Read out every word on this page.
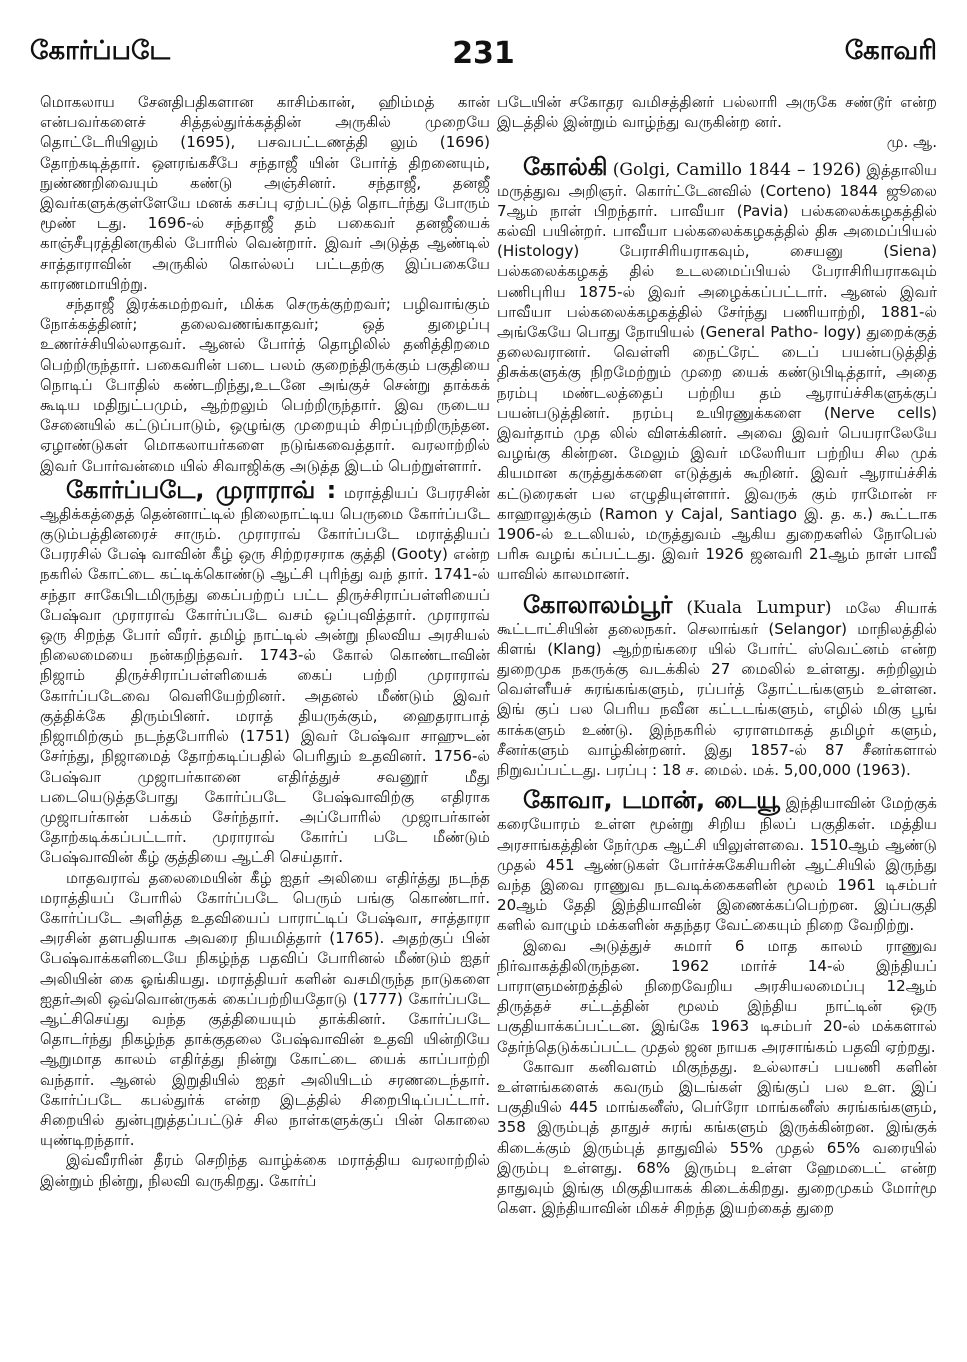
கோர்ப்படே	231	கோவரி

மொகலாய சேனதிபதிகளான காசிம்கான், ஹிம்மத் கான் என்பவர்களைச் சித்தல்துர்க்கத்தின் அருகில் முறையே தொட்டேரியிலும் (1695), பசவபட்டணத்தி லும் (1696) தோற்கடித்தார். ஔரங்கசீபே சந்தாஜீ யின் போர்த் திறனையும், நுண்ணறிவையும் கண்டு அஞ்சினர். சந்தாஜீ, தனஜீ இவர்களுக்குள்ளேயே மனக் கசப்பு ஏற்பட்டுத் தொடர்ந்து போரும் மூண் டது. 1696-ல் சந்தாஜீ தம் பகைவர் தனஜீயைக் காஞ்சீபுரத்தினருகில் போரில் வென்றார். இவர் அடுத்த ஆண்டில் சாத்தாராவின் அருகில் கொல்லப் பட்டதற்கு இப்பகையே காரணமாயிற்று.

சந்தாஜீ இரக்கமற்றவர், மிக்க செருக்குற்றவர்; பழிவாங்கும் நோக்கத்தினர்; தலைவணங்காதவர்; ஒத் துழைப்பு உணர்ச்சியில்லாதவர். ஆனல் போர்த் தொழிலில் தனித்திறமை பெற்றிருந்தார். பகைவரின் படை பலம் குறைந்திருக்கும் பகுதியை நொடிப் போதில் கண்டறிந்து,உடனே அங்குச் சென்று தாக்கக் கூடிய மதிநுட்பமும், ஆற்றலும் பெற்றிருந்தார். இவ ருடைய சேனையில் கட்டுப்பாடும், ஒழுங்கு முறையும் சிறப்புற்றிருந்தன. ஏழாண்டுகள் மொகலாயர்களை நடுங்கவைத்தார். வரலாற்றில் இவர் போர்வன்மை யில் சிவாஜிக்கு அடுத்த இடம் பெற்றுள்ளார்.

கோர்ப்படே, முராராவ் : மராத்தியப் பேரரசின் ஆதிக்கத்தைத் தென்னாட்டில் நிலைநாட்டிய பெருமை கோர்ப்படே குடும்பத்தினரைச் சாரும். முராராவ் கோர்ப்படே மராத்தியப் பேரரசில் பேஷ் வாவின் கீழ் ஒரு சிற்றரசராக குத்தி (Gooty) என்ற நகரில் கோட்டை கட்டிக்கொண்டு ஆட்சி புரிந்து வந் தார். 1741-ல் சந்தா சாகேபிடமிருந்து கைப்பற்றப் பட்ட திருச்சிராப்பள்ளியைப் பேஷ்வா முராராவ் கோர்ப்படே வசம் ஒப்புவித்தார். முராராவ் ஒரு சிறந்த போர் வீரர். தமிழ் நாட்டில் அன்று நிலவிய அரசியல் நிலைமையை நன்கறிந்தவர். 1743-ல் கோல் கொண்டாவின் நிஜாம் திருச்சிராப்பள்ளியைக் கைப் பற்றி முராராவ் கோர்ப்படேவை வெளியேற்றினர். அதனல் மீண்டும் இவர் குத்திக்கே திரும்பினர். மராத் தியருக்கும், ஹைதராபாத் நிஜாமிற்கும் நடந்தபோரில் (1751) இவர் பேஷ்வா சாஹுடன் சேர்ந்து, நிஜாமைத் தோற்கடிப்பதில் பெரிதும் உதவினர். 1756-ல் பேஷ்வா முஜாபர்கானை எதிர்த்துச் சவனூர் மீது படையெடுத்தபோது கோர்ப்படே பேஷ்வாவிற்கு எதிராக முஜாபர்கான் பக்கம் சேர்ந்தார். அப்போரில் முஜாபர்கான் தோற்கடிக்கப்பட்டார். முராராவ் கோர்ப் படே மீண்டும் பேஷ்வாவின் கீழ் குத்தியை ஆட்சி செய்தார்.

மாதவராவ் தலைமையின் கீழ் ஐதர் அலியை எதிர்த்து நடந்த மராத்தியப் போரில் கோர்ப்படே பெரும் பங்கு கொண்டார். கோர்ப்படே அளித்த உதவியைப் பாராட்டிப் பேஷ்வா, சாத்தாரா அரசின் தளபதியாக அவரை நியமித்தார் (1765). அதற்குப் பின் பேஷ்வாக்களிடையே நிகழ்ந்த பதவிப் போரினல் மீண்டும் ஐதர் அலியின் கை ஓங்கியது. மராத்தியர் களின் வசமிருந்த நாடுகளை ஐதர்அலி ஒவ்வொன்ருகக் கைப்பற்றியதோடு (1777) கோர்ப்படே ஆட்சிசெய்து வந்த குத்தியையும் தாக்கினர். கோர்ப்படே தொடர்ந்து நிகழ்ந்த தாக்குதலை பேஷ்வாவின் உதவி யின்றியே ஆறுமாத காலம் எதிர்த்து நின்று கோட்டை யைக் காப்பாற்றி வந்தார். ஆனல் இறுதியில் ஐதர் அலியிடம் சரணடைந்தார். கோர்ப்படே கபல்துர்க் என்ற இடத்தில் சிறைபிடிப்பட்டார். சிறையில் துன்புறுத்தப்பட்டுச் சில நாள்களுக்குப் பின் கொலை யுண்டிறந்தார்.

இவ்வீரரின் தீரம் செறிந்த வாழ்க்கை மராத்திய வரலாற்றில் இன்றும் நின்று, நிலவி வருகிறது. கோர்ப்

படேயின் சகோதர வமிசத்தினர் பல்லாரி அருகே சண்டூர் என்ற இடத்தில் இன்றும் வாழ்ந்து வருகின்ற னர்.
மு. ஆ.

கோல்கி (Golgi, Camillo 1844 – 1926) இத்தாலிய மருத்துவ அறிஞர். கொர்ட்டேனவில் (Corteno) 1844 ஜூலை 7ஆம் நாள் பிறந்தார். பாவீயா (Pavia) பல்கலைக்கழகத்தில் கல்வி பயின்றர். பாவீயா பல்கலைக்கழகத்தில் திசு அமைப்பியல் (Histology) பேராசிரியராகவும், சையனு (Siena) பல்கலைக்கழகத் தில் உடலமைப்பியல் பேராசிரியராகவும் பணிபுரிய 1875-ல் இவர் அழைக்கப்பட்டார். ஆனல் இவர் பாவீயா பல்கலைக்கழகத்தில் சேர்ந்து பணியாற்றி, 1881-ல் அங்கேயே பொது நோயியல் (General Patho- logy) துறைக்குத் தலைவரானர். வெள்ளி நைட்ரேட் டைப் பயன்படுத்தித் திசுக்களுக்கு நிறமேற்றும் முறை யைக் கண்டுபிடித்தார், அதை நரம்பு மண்டலத்தைப் பற்றிய தம் ஆராய்ச்சிகளுக்குப் பயன்படுத்தினர். நரம்பு உயிரணுக்களை (Nerve cells) இவர்தாம் முத லில் விளக்கினர். அவை இவர் பெயராலேயே வழங்கு கின்றன. மேலும் இவர் மலேரியா பற்றிய சில முக் கியமான கருத்துக்களை எடுத்துக் கூறினர். இவர் ஆராய்ச்சிக் கட்டுரைகள் பல எழுதியுள்ளார். இவருக் கும் ராமோன் ஈ காஹாலுக்கும் (Ramon y Cajal, Santiago இ. த. க.) கூட்டாக 1906-ல் உடலியல், மருத்துவம் ஆகிய துறைகளில் நோபெல் பரிசு வழங் கப்பட்டது. இவர் 1926 ஜனவரி 21ஆம் நாள் பாவீ யாவில் காலமானர்.

கோலாலம்பூர் (Kuala Lumpur) மலே சியாக் கூட்டாட்சியின் தலைநகர். செலாங்கர் (Selangor) மாநிலத்தில் கிளங் (Klang) ஆற்றங்கரை யில் போர்ட் ஸ்வெட்னம் என்ற துறைமுக நகருக்கு வடக்கில் 27 மைலில் உள்ளது. சுற்றிலும் வெள்ளீயச் சுரங்கங்களும், ரப்பர்த் தோட்டங்களும் உள்ளன. இங் குப் பல பெரிய நவீன கட்டடங்களும், எழில் மிகு பூங் காக்களும் உண்டு. இந்நகரில் ஏராளமாகத் தமிழர் களும், சீனர்களும் வாழ்கின்றனர். இது 1857-ல் 87 சீனர்களால் நிறுவப்பட்டது. பரப்பு : 18 ச. மைல். மக். 5,00,000 (1963).

கோவா, டமான், டையூ இந்தியாவின் மேற்குக் கரையோரம் உள்ள மூன்று சிறிய நிலப் பகுதிகள். மத்திய அரசாங்கத்தின் நேர்முக ஆட்சி யிலுள்ளவை. 1510ஆம் ஆண்டு முதல் 451 ஆண்டுகள் போர்ச்சுகேசியரின் ஆட்சியில் இருந்து வந்த இவை ராணுவ நடவடிக்கைகளின் மூலம் 1961 டிசம்பர் 20ஆம் தேதி இந்தியாவின் இணைக்கப்பெற்றன. இப்பகுதி களில் வாழும் மக்களின் சுதந்தர வேட்கையும் நிறை வேறிற்று.

இவை அடுத்துச் சுமார் 6 மாத காலம் ராணுவ நிர்வாகத்திலிருந்தன. 1962 மார்ச் 14-ல் இந்தியப் பாராளுமன்றத்தில் நிறைவேறிய அரசியலமைப்பு 12ஆம் திருத்தச் சட்டத்தின் மூலம் இந்திய நாட்டின் ஒரு பகுதியாக்கப்பட்டன. இங்கே 1963 டிசம்பர் 20-ல் மக்களால் தேர்ந்தெடுக்கப்பட்ட முதல் ஜன நாயக அரசாங்கம் பதவி ஏற்றது.

கோவா கனிவளம் மிகுந்தது. உல்லாசப் பயணி களின் உள்ளங்களைக் கவரும் இடங்கள் இங்குப் பல உள. இப் பகுதியில் 445 மாங்கனீஸ், பெர்ரோ மாங்கனீஸ் சுரங்கங்களும், 358 இரும்புத் தாதுச் சுரங் கங்களும் இருக்கின்றன. இங்குக் கிடைக்கும் இரும்புத் தாதுவில் 55% முதல் 65% வரையில் இரும்பு உள்ளது. 68% இரும்பு உள்ள ஹேமடைட் என்ற தாதுவும் இங்கு மிகுதியாகக் கிடைக்கிறது. துறைமுகம் மோர்மூ கௌ. இந்தியாவின் மிகச் சிறந்த இயற்கைத் துறை
